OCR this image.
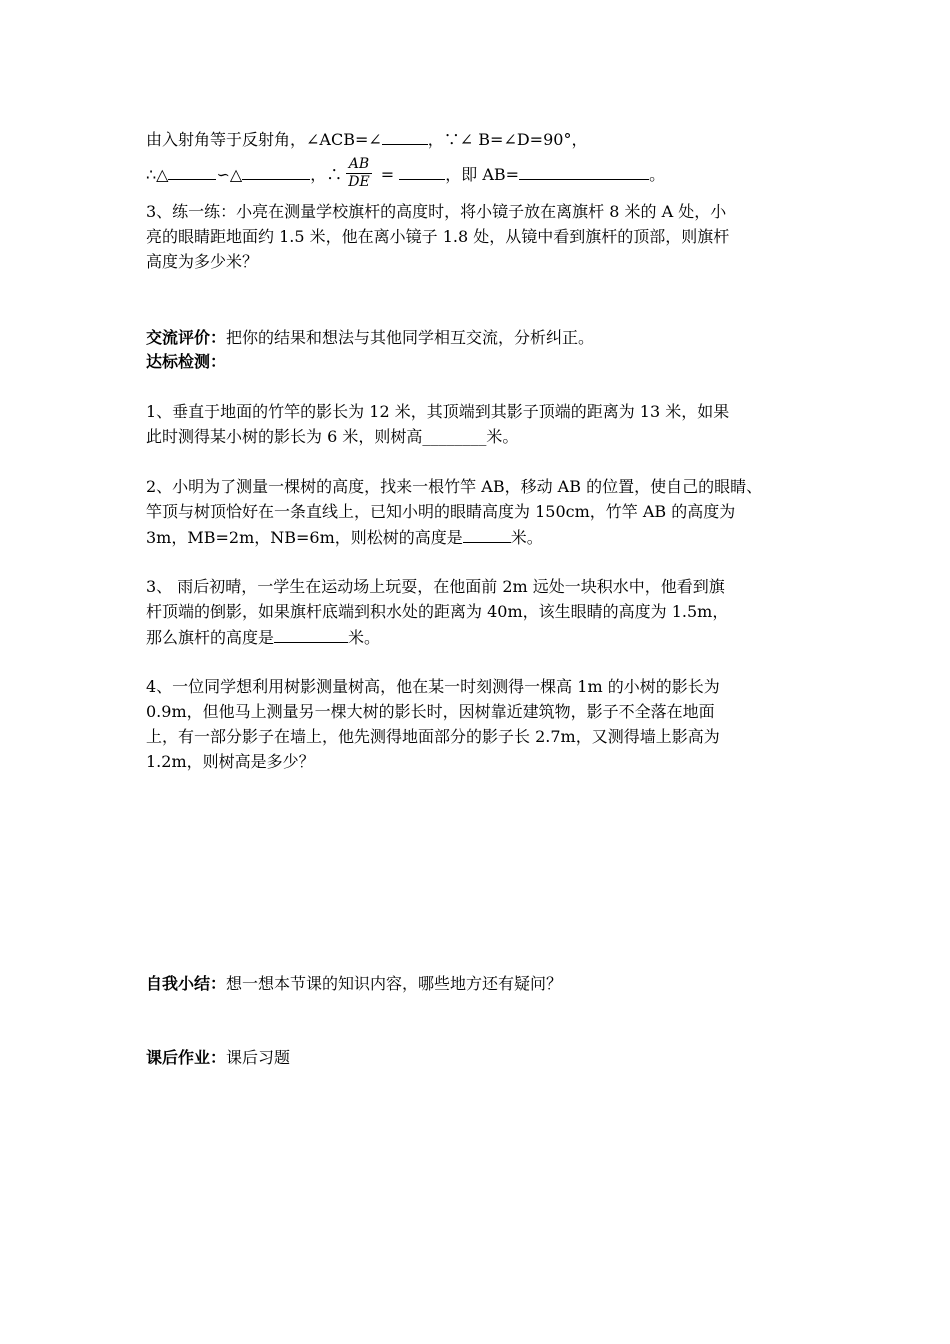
由入射角等于反射角，∠ACB=∠	，∵∠ B=∠D=90°，
∴△	∽△	，∴ $\frac{AB}{DE}$ =	，即 AB=	。
3、练一练：小亮在测量学校旗杆的高度时，将小镜子放在离旗杆 8 米的 A 处，小
亮的眼睛距地面约 1.5 米，他在离小镜子 1.8 处，从镜中看到旗杆的顶部，则旗杆
高度为多少米？
交流评价：把你的结果和想法与其他同学相互交流，分析纠正。
达标检测：
1、垂直于地面的竹竿的影长为 12 米，其顶端到其影子顶端的距离为 13 米，如果
此时测得某小树的影长为 6 米，则树高________米。
2、小明为了测量一棵树的高度，找来一根竹竿 AB，移动 AB 的位置，使自己的眼睛、
竿顶与树顶恰好在一条直线上，已知小明的眼睛高度为 150cm，竹竿 AB 的高度为
3m，MB=2m，NB=6m，则松树的高度是	米。
3、 雨后初晴，一学生在运动场上玩耍，在他面前 2m 远处一块积水中，他看到旗
杆顶端的倒影，如果旗杆底端到积水处的距离为 40m，该生眼睛的高度为 1.5m，
那么旗杆的高度是	米。
4、一位同学想利用树影测量树高，他在某一时刻测得一棵高 1m 的小树的影长为
0.9m，但他马上测量另一棵大树的影长时，因树靠近建筑物，影子不全落在地面
上，有一部分影子在墙上，他先测得地面部分的影子长 2.7m，又测得墙上影高为
1.2m，则树高是多少？
自我小结：想一想本节课的知识内容，哪些地方还有疑问？
课后作业：课后习题
